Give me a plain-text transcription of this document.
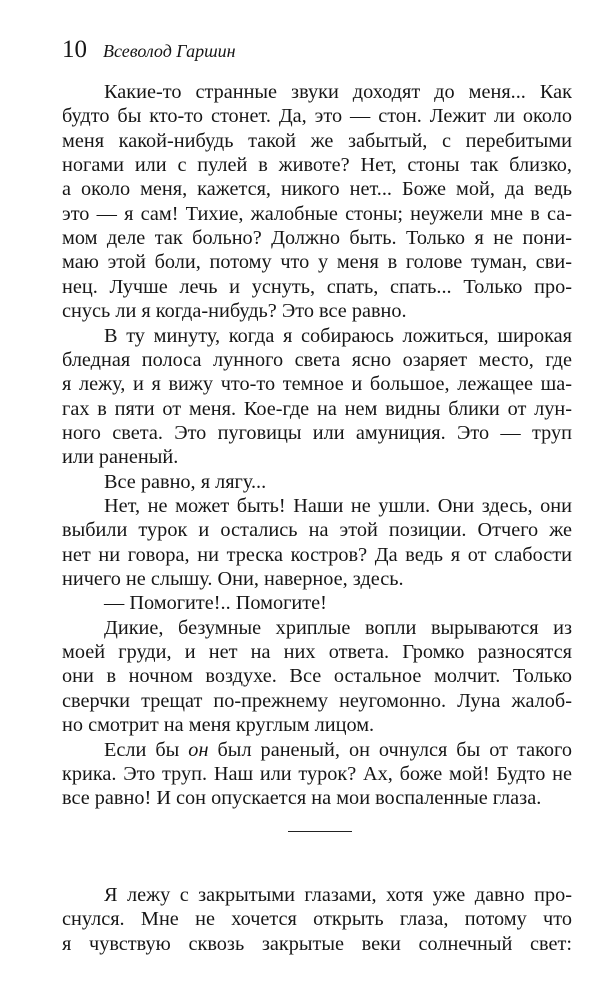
10 Всеволод Гаршин
Какие-то странные звуки доходят до меня... Как
будто бы кто-то стонет. Да, это — стон. Лежит ли около
меня какой-нибудь такой же забытый, с перебитыми
ногами или с пулей в животе? Нет, стоны так близко,
а около меня, кажется, никого нет... Боже мой, да ведь
это — я сам! Тихие, жалобные стоны; неужели мне в са-
мом деле так больно? Должно быть. Только я не пони-
маю этой боли, потому что у меня в голове туман, сви-
нец. Лучше лечь и уснуть, спать, спать... Только про-
снусь ли я когда-нибудь? Это все равно.
В ту минуту, когда я собираюсь ложиться, широкая
бледная полоса лунного света ясно озаряет место, где
я лежу, и я вижу что-то темное и большое, лежащее ша-
гах в пяти от меня. Кое-где на нем видны блики от лун-
ного света. Это пуговицы или амуниция. Это — труп
или раненый.
Все равно, я лягу...
Нет, не может быть! Наши не ушли. Они здесь, они
выбили турок и остались на этой позиции. Отчего же
нет ни говора, ни треска костров? Да ведь я от слабости
ничего не слышу. Они, наверное, здесь.
— Помогите!.. Помогите!
Дикие, безумные хриплые вопли вырываются из
моей груди, и нет на них ответа. Громко разносятся
они в ночном воздухе. Все остальное молчит. Только
сверчки трещат по-прежнему неугомонно. Луна жалоб-
но смотрит на меня круглым лицом.
Если бы он был раненый, он очнулся бы от такого
крика. Это труп. Наш или турок? Ах, боже мой! Будто не
все равно! И сон опускается на мои воспаленные глаза.
Я лежу с закрытыми глазами, хотя уже давно про-
снулся. Мне не хочется открыть глаза, потому что
я чувствую сквозь закрытые веки солнечный свет:
